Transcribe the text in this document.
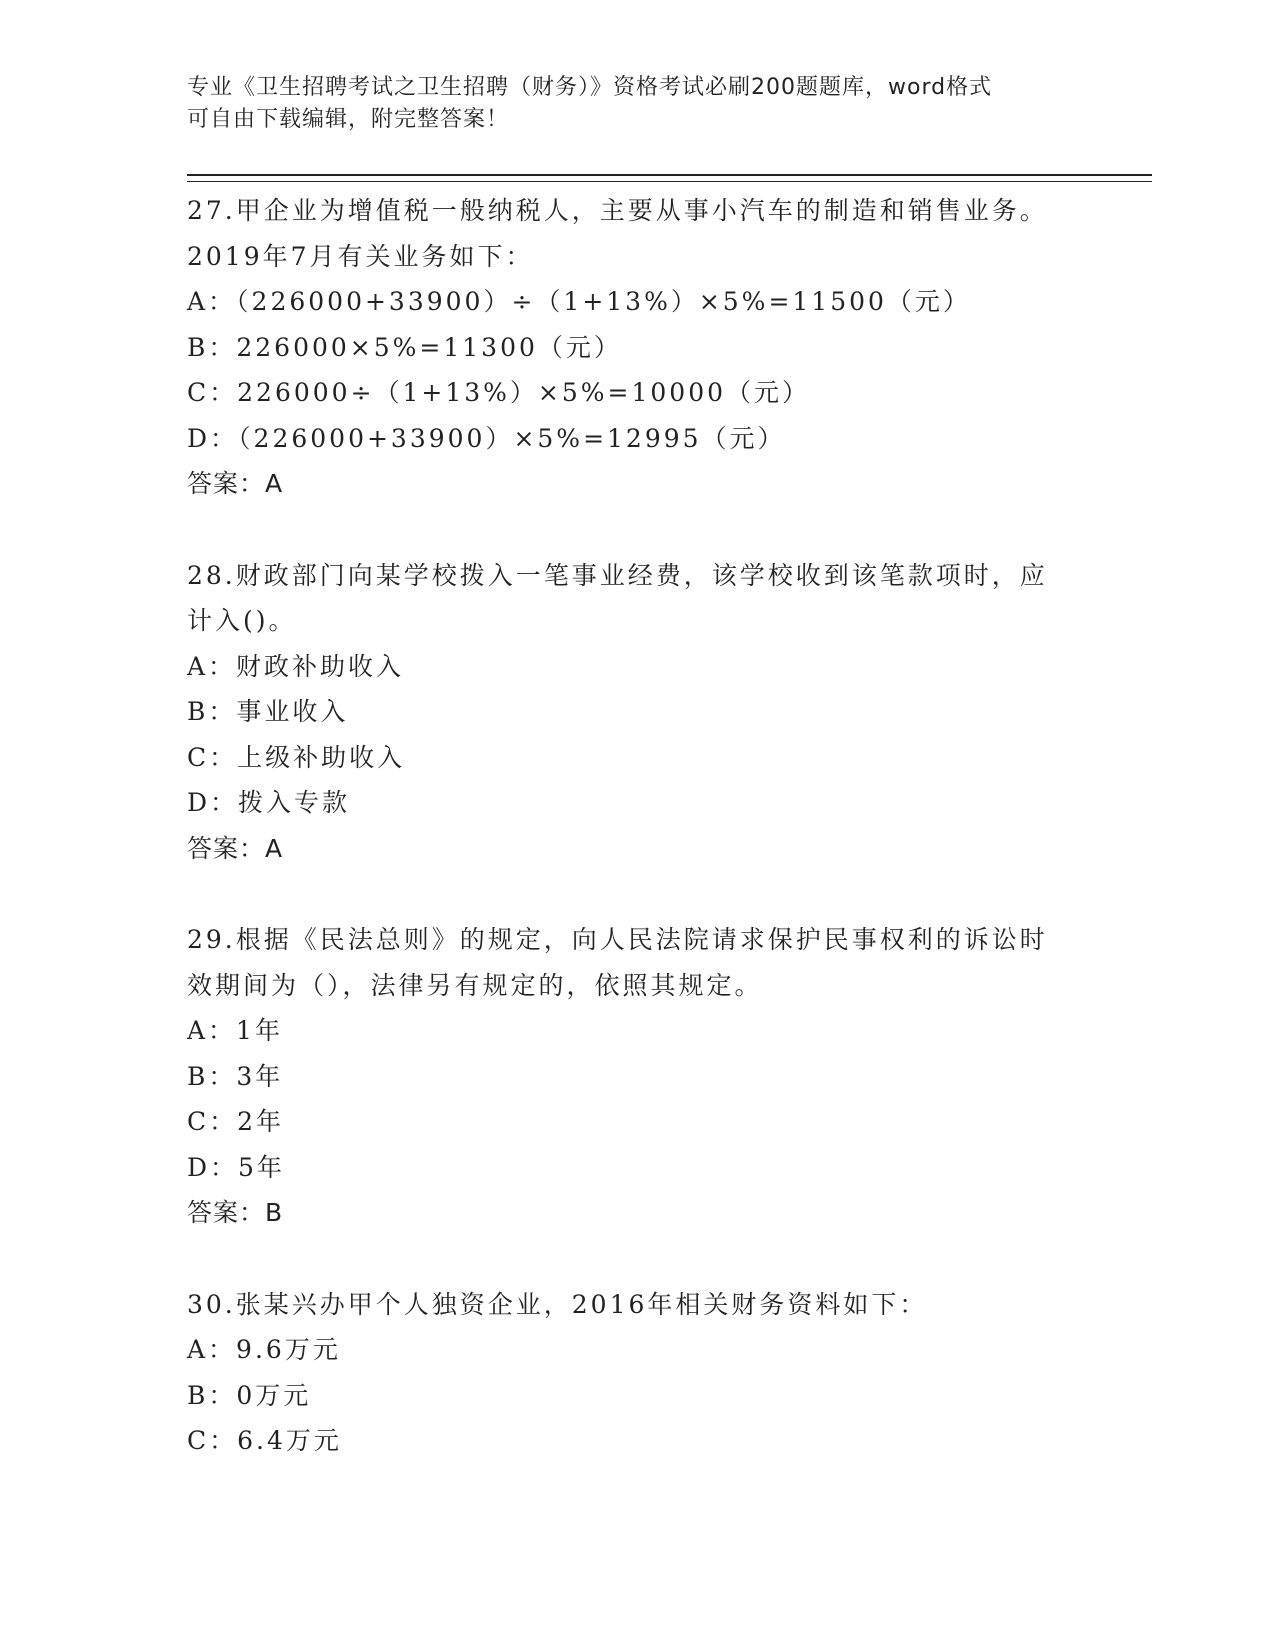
专业《卫生招聘考试之卫生招聘（财务）》资格考试必刷200题题库，word格式
可自由下载编辑，附完整答案！
27.甲企业为增值税一般纳税人，主要从事小汽车的制造和销售业务。
2019年7月有关业务如下：
A：（226000+33900）÷（1+13%）×5%=11500（元）
B：226000×5%=11300（元）
C：226000÷（1+13%）×5%=10000（元）
D：（226000+33900）×5%=12995（元）
答案：A
28.财政部门向某学校拨入一笔事业经费，该学校收到该笔款项时，应
计入()。
A：财政补助收入
B：事业收入
C：上级补助收入
D：拨入专款
答案：A
29.根据《民法总则》的规定，向人民法院请求保护民事权利的诉讼时
效期间为（），法律另有规定的，依照其规定。
A：1年
B：3年
C：2年
D：5年
答案：B
30.张某兴办甲个人独资企业，2016年相关财务资料如下：
A：9.6万元
B：0万元
C：6.4万元
